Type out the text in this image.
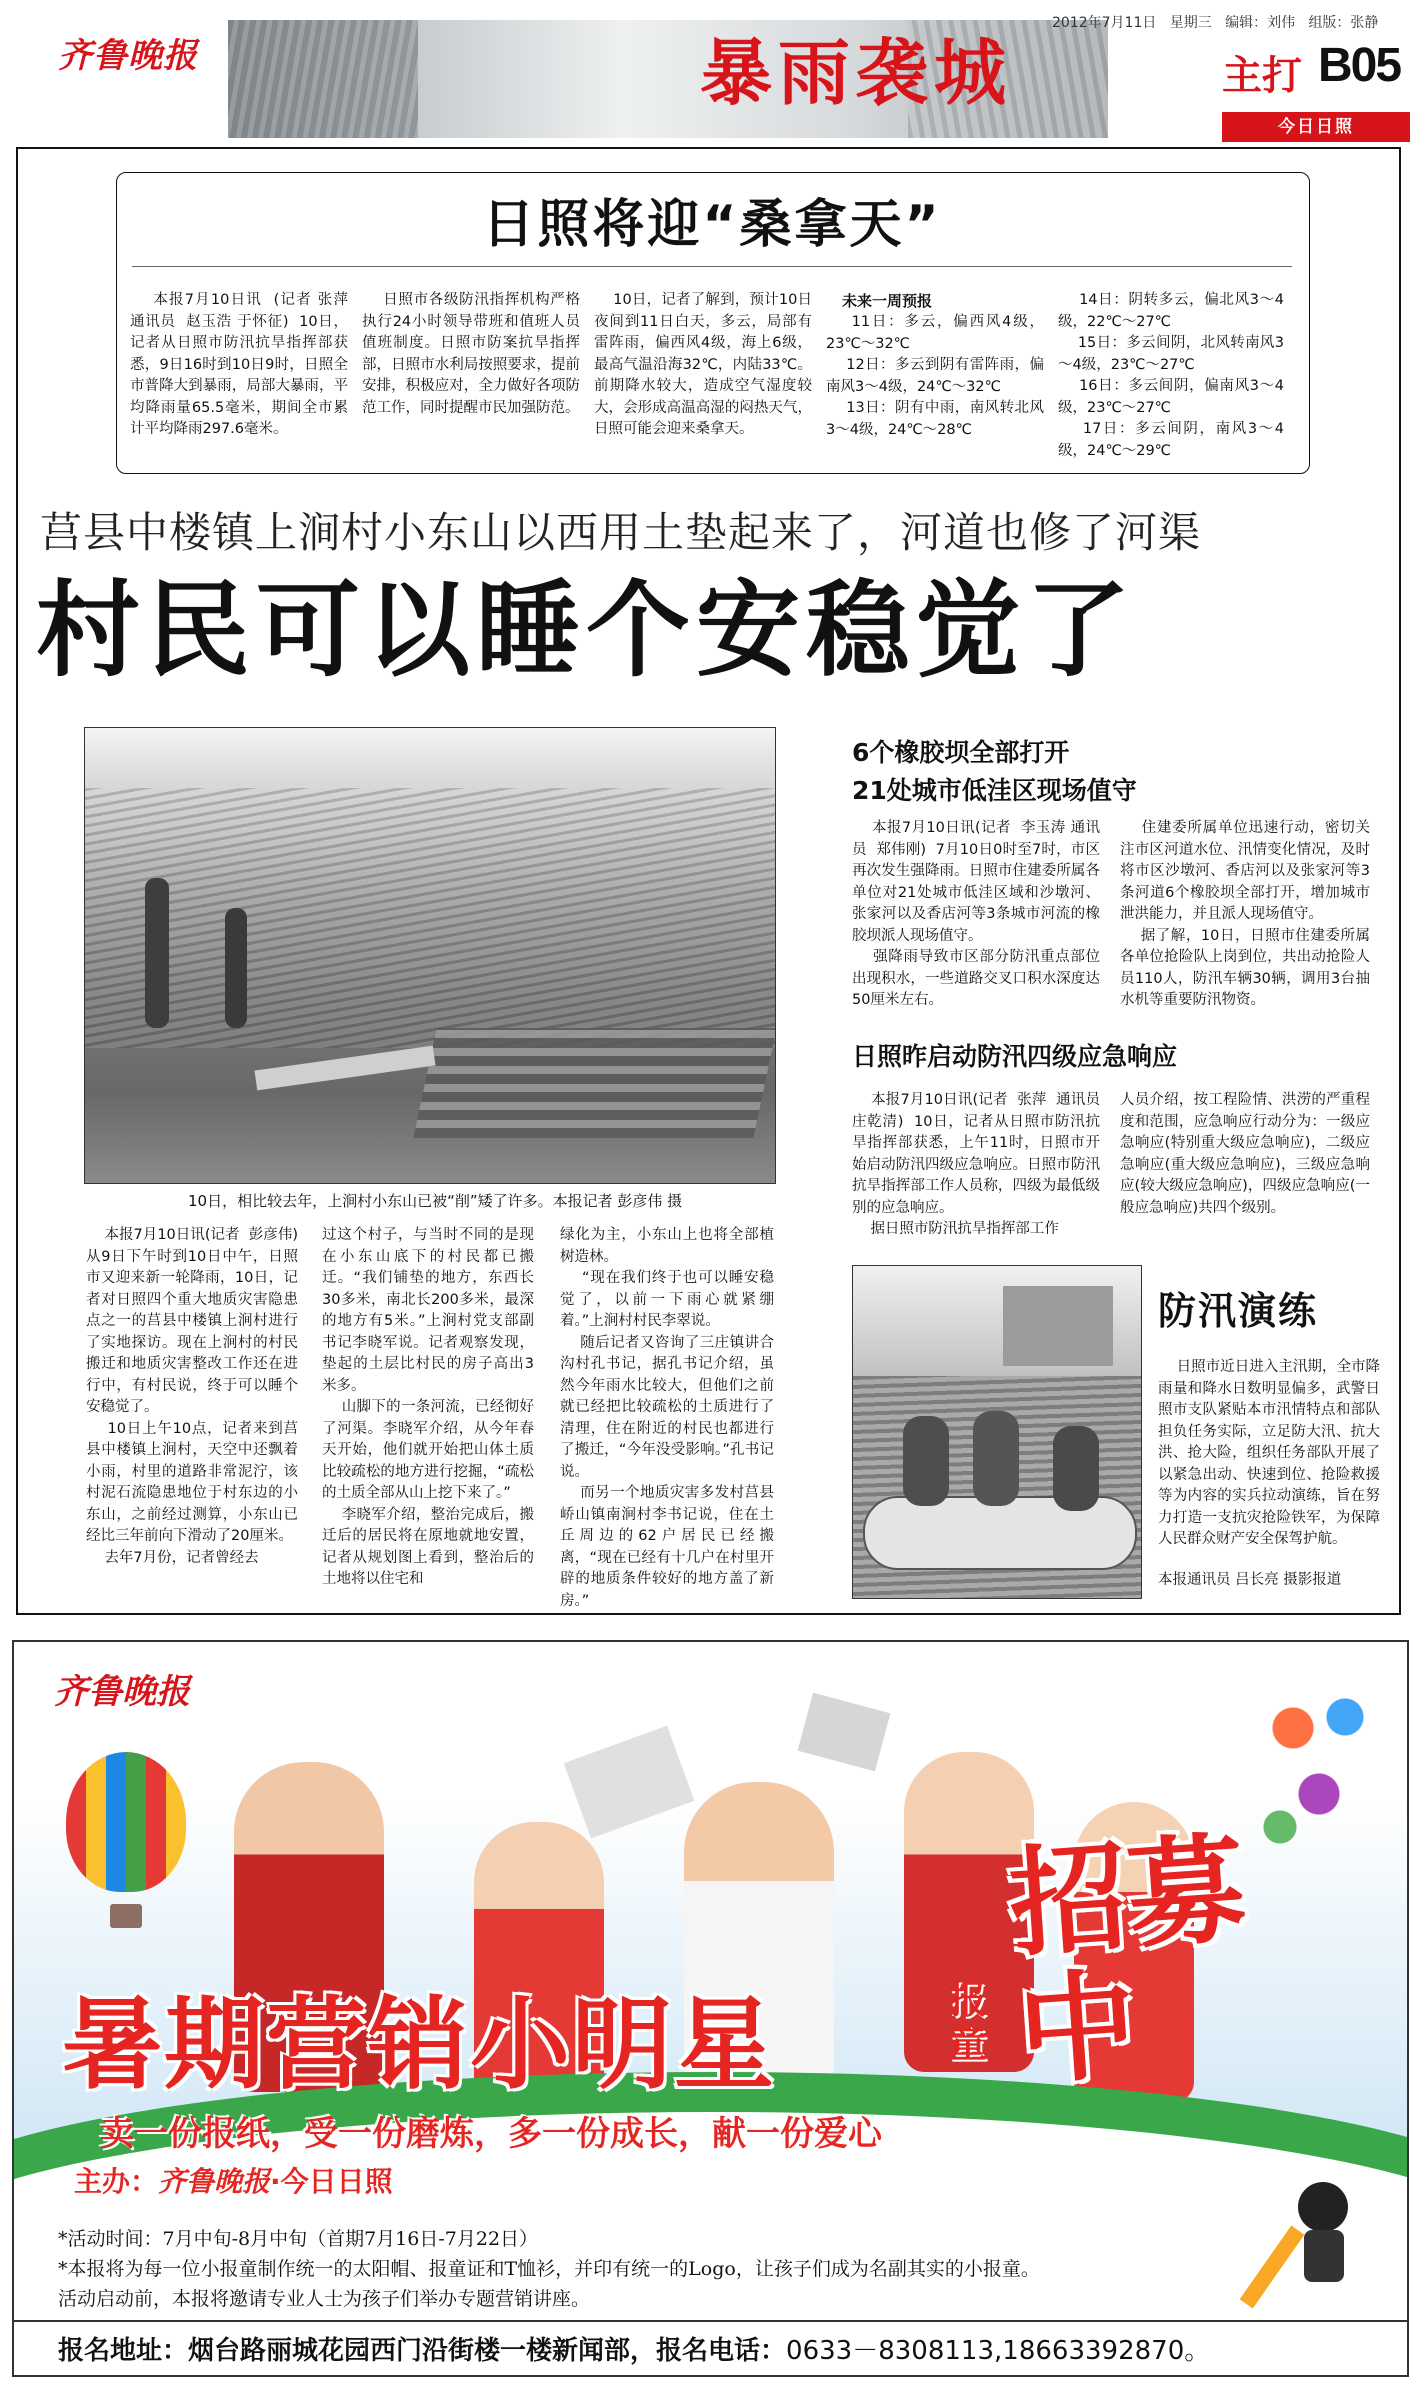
齐鲁晚报	暴雨袭城
2012年7月11日 星期三 编辑：刘伟 组版：张静
主打 B05
今日日照
日照将迎“桑拿天”
本报7月10日讯  (记者 张萍  通讯员  赵玉浩 于怀征)  10日，记者从日照市防汛抗旱指挥部获悉，9日16时到10日9时，日照全市普降大到暴雨，局部大暴雨，平均降雨量65.5毫米，期间全市累计平均降雨297.6毫米。
日照市各级防汛指挥机构严格执行24小时领导带班和值班人员值班制度。日照市防案抗旱指挥部，日照市水利局按照要求，提前安排，积极应对，全力做好各项防范工作，同时提醒市民加强防范。
10日，记者了解到，预计10日夜间到11日白天，多云，局部有雷阵雨，偏西风4级，海上6级，最高气温沿海32℃，内陆33℃。前期降水较大，造成空气湿度较大，会形成高温高湿的闷热天气，日照可能会迎来桑拿天。
未来一周预报
11日：多云，偏西风4级，23℃～32℃
12日：多云到阴有雷阵雨，偏南风3～4级，24℃～32℃
13日：阴有中雨，南风转北风3～4级，24℃～28℃
14日：阴转多云，偏北风3～4级，22℃～27℃
15日：多云间阴，北风转南风3～4级，23℃～27℃
16日：多云间阴，偏南风3～4级，23℃～27℃
17日：多云间阴，南风3～4级，24℃～29℃
莒县中楼镇上涧村小东山以西用土垫起来了，河道也修了河渠
村民可以睡个安稳觉了
10日，相比较去年，上涧村小东山已被“削”矮了许多。本报记者 彭彦伟 摄
本报7月10日讯(记者  彭彦伟)  从9日下午时到10日中午，日照市又迎来新一轮降雨，10日，记者对日照四个重大地质灾害隐患点之一的莒县中楼镇上涧村进行了实地探访。现在上涧村的村民搬迁和地质灾害整改工作还在进行中，有村民说，终于可以睡个安稳觉了。
10日上午10点，记者来到莒县中楼镇上涧村，天空中还飘着小雨，村里的道路非常泥泞，该村泥石流隐患地位于村东边的小东山，之前经过测算，小东山已经比三年前向下滑动了20厘米。
去年7月份，记者曾经去
过这个村子，与当时不同的是现在小东山底下的村民都已搬迁。“我们铺垫的地方，东西长30多米，南北长200多米，最深的地方有5米。”上涧村党支部副书记李晓军说。记者观察发现，垫起的土层比村民的房子高出3米多。
山脚下的一条河流，已经彻好了河渠。李晓军介绍，从今年春天开始，他们就开始把山体土质比较疏松的地方进行挖掘，“疏松的土质全部从山上挖下来了。”
李晓军介绍，整治完成后，搬迁后的居民将在原地就地安置，记者从规划图上看到，整治后的土地将以住宅和
绿化为主，小东山上也将全部植树造林。
“现在我们终于也可以睡安稳觉了，以前一下雨心就紧绷着。”上涧村村民李翠说。
随后记者又咨询了三庄镇讲合沟村孔书记，据孔书记介绍，虽然今年雨水比较大，但他们之前就已经把比较疏松的土质进行了清理，住在附近的村民也都进行了搬迁，“今年没受影响。”孔书记说。
而另一个地质灾害多发村莒县峤山镇南涧村李书记说，住在土丘周边的62户居民已经搬离，“现在已经有十几户在村里开辟的地质条件较好的地方盖了新房。”
6个橡胶坝全部打开
21处城市低洼区现场值守
本报7月10日讯(记者  李玉涛 通讯员  郑伟刚)  7月10日0时至7时，市区再次发生强降雨。日照市住建委所属各单位对21处城市低洼区域和沙墩河、张家河以及香店河等3条城市河流的橡胶坝派人现场值守。
强降雨导致市区部分防汛重点部位出现积水，一些道路交叉口积水深度达50厘米左右。
住建委所属单位迅速行动，密切关注市区河道水位、汛情变化情况，及时将市区沙墩河、香店河以及张家河等3条河道6个橡胶坝全部打开，增加城市泄洪能力，并且派人现场值守。
据了解，10日，日照市住建委所属各单位抢险队上岗到位，共出动抢险人员110人，防汛车辆30辆，调用3台抽水机等重要防汛物资。
日照昨启动防汛四级应急响应
本报7月10日讯(记者  张萍  通讯员  庄乾清)  10日，记者从日照市防汛抗旱指挥部获悉，上午11时，日照市开始启动防汛四级应急响应。日照市防汛抗旱指挥部工作人员称，四级为最低级别的应急响应。
据日照市防汛抗旱指挥部工作
人员介绍，按工程险情、洪涝的严重程度和范围，应急响应行动分为：一级应急响应(特别重大级应急响应)，二级应急响应(重大级应急响应)，三级应急响应(较大级应急响应)，四级应急响应(一般应急响应)共四个级别。
防汛演练
日照市近日进入主汛期，全市降雨量和降水日数明显偏多，武警日照市支队紧贴本市汛情特点和部队担负任务实际，立足防大汛、抗大洪、抢大险，组织任务部队开展了以紧急出动、快速到位、抢险救援等为内容的实兵拉动演练，旨在努力打造一支抗灾抢险铁军，为保障人民群众财产安全保驾护航。
本报通讯员 吕长亮 摄影报道
齐鲁晚报
暑期营销小明星	报童
招募中
卖一份报纸，受一份磨炼，多一份成长，献一份爱心
主办：齐鲁晚报·今日日照
*活动时间：7月中旬-8月中旬（首期7月16日-7月22日）
*本报将为每一位小报童制作统一的太阳帽、报童证和T恤衫，并印有统一的Logo，让孩子们成为名副其实的小报童。
活动启动前，本报将邀请专业人士为孩子们举办专题营销讲座。
报名地址：烟台路丽城花园西门沿街楼一楼新闻部，报名电话：0633－8308113,18663392870。
